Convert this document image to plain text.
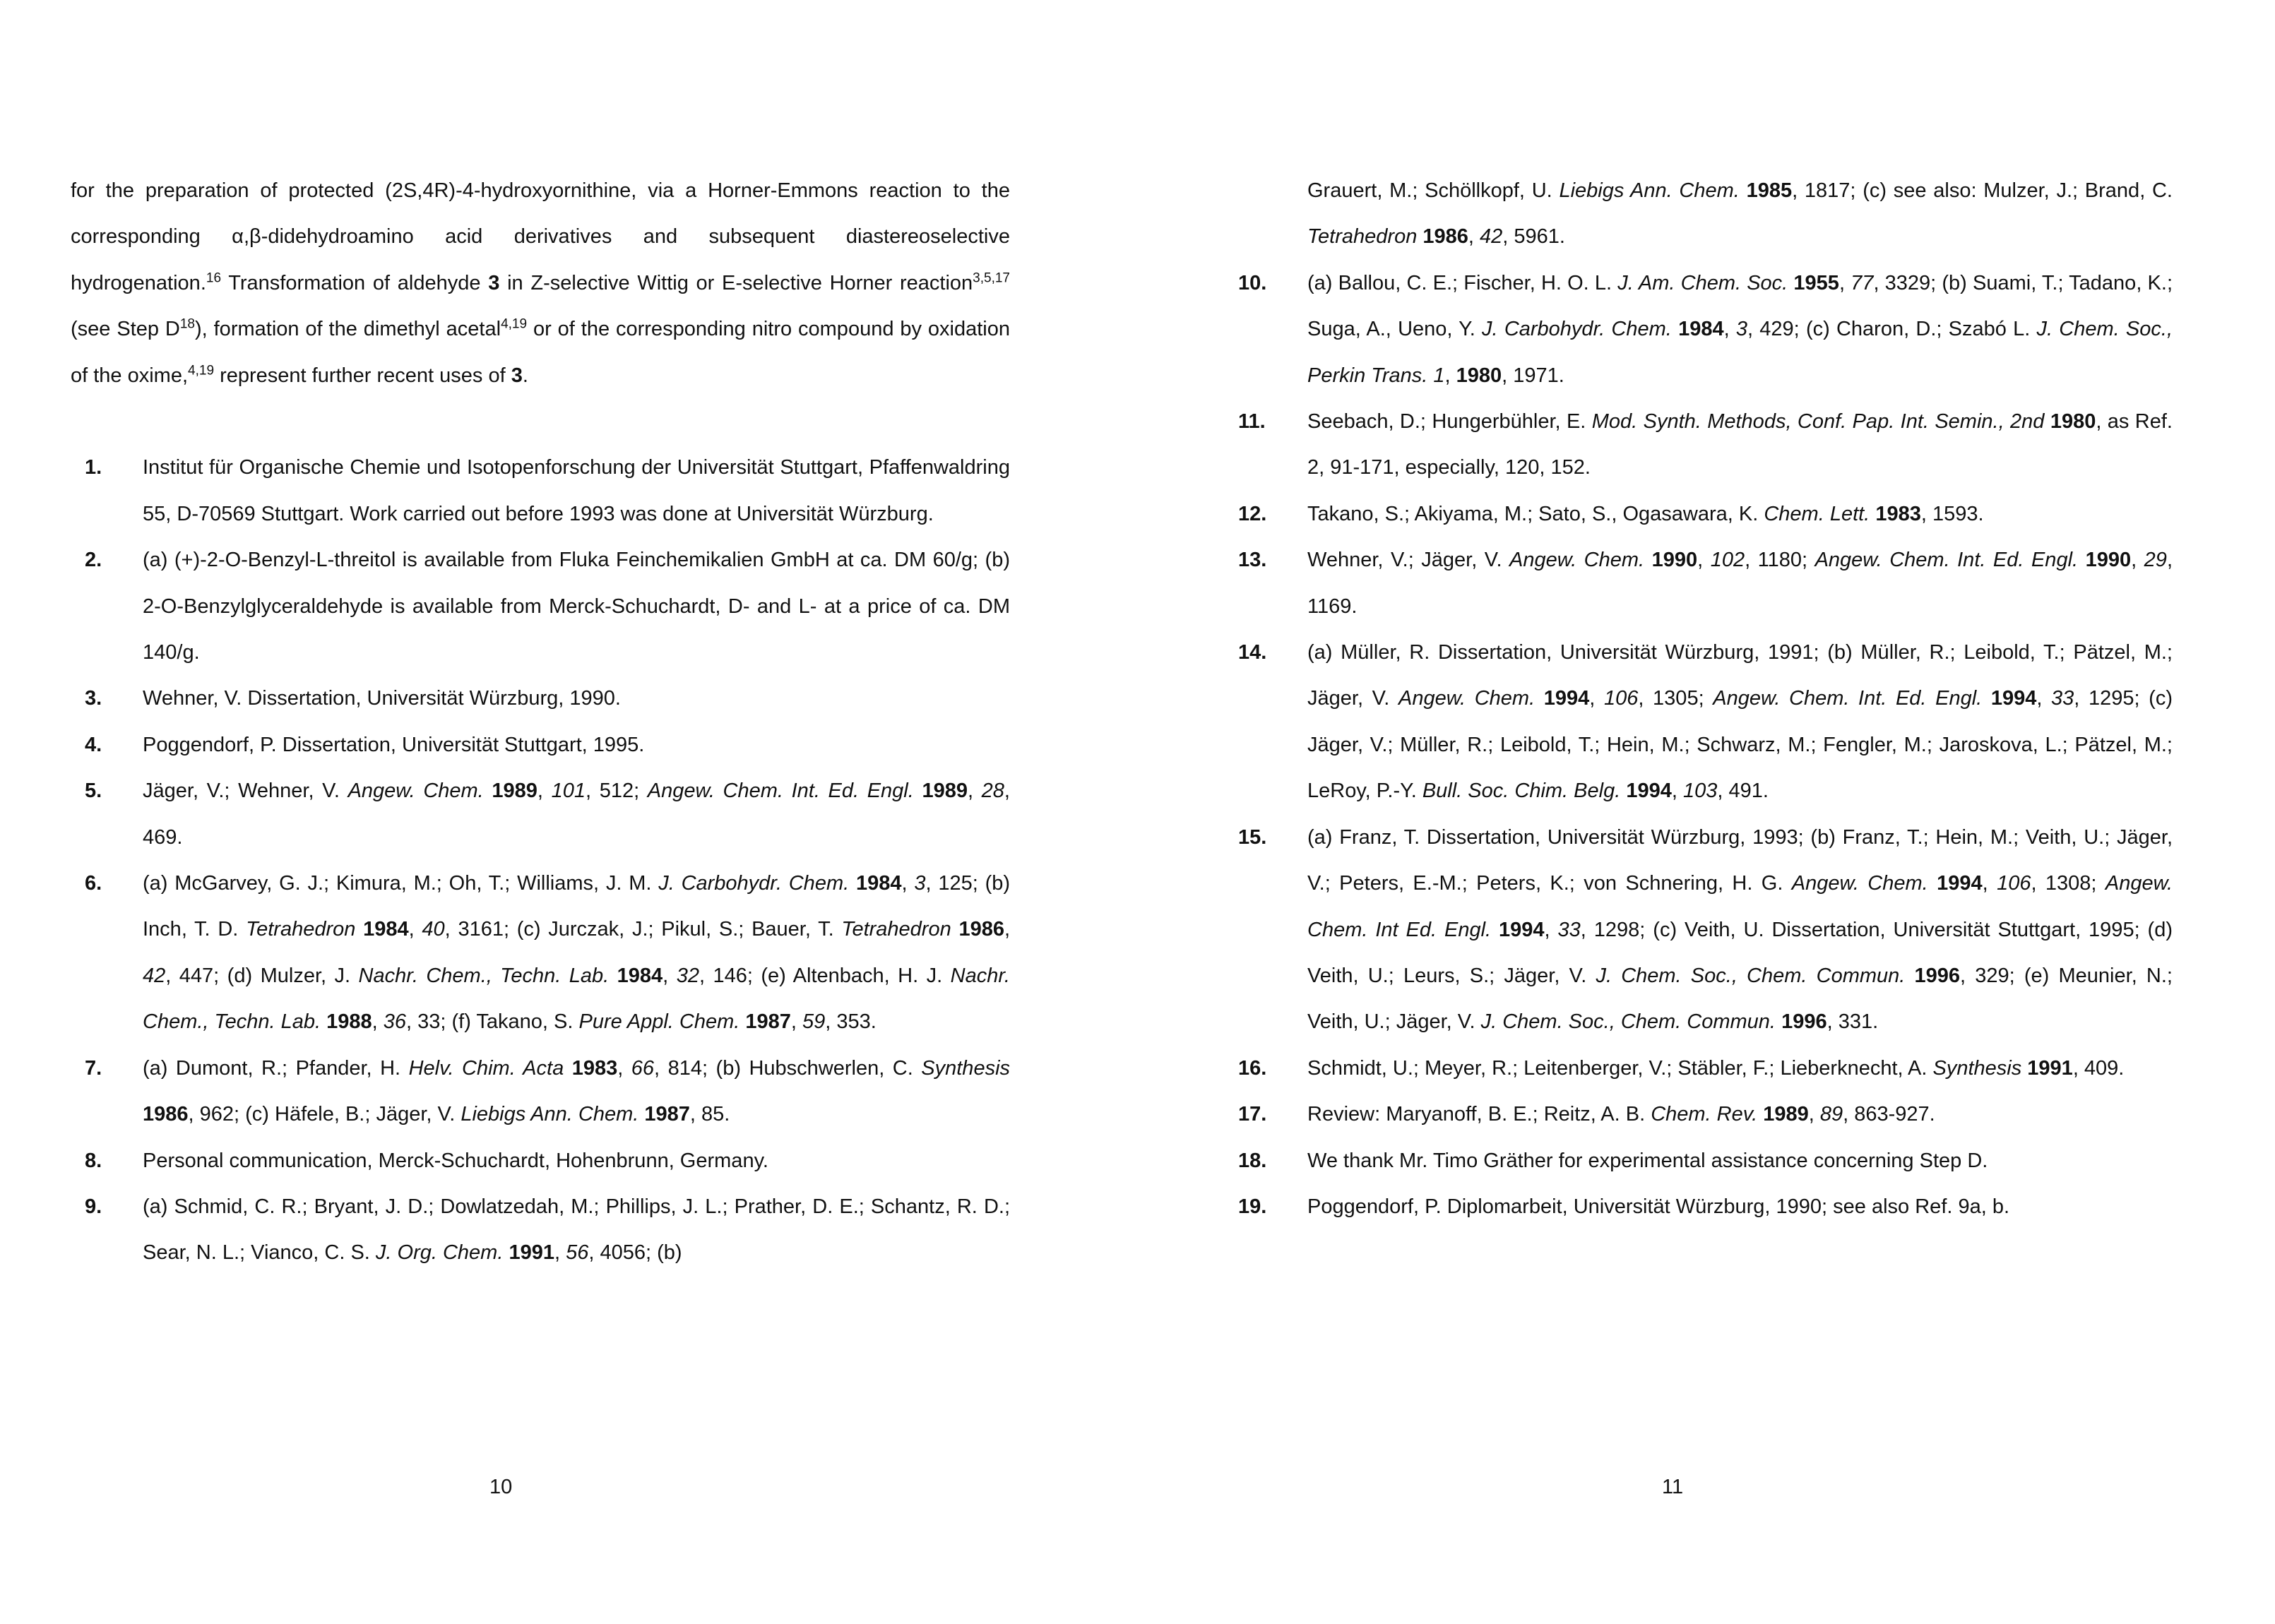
for the preparation of protected (2S,4R)-4-hydroxyornithine, via a Horner-Emmons reaction to the corresponding α,β-didehydroamino acid derivatives and subsequent diastereoselective hydrogenation.$^{16}$ Transformation of aldehyde 3 in Z-selective Wittig or E-selective Horner reaction$^{3,5,17}$ (see Step $D^{18}$), formation of the dimethyl acetal$^{4,19}$ or of the corresponding nitro compound by oxidation of the oxime,$^{4,19}$ represent further recent uses of 3.
1.	Institut für Organische Chemie und Isotopenforschung der Universität Stuttgart, Pfaffenwaldring 55, D-70569 Stuttgart. Work carried out before 1993 was done at Universität Würzburg.
2.	(a) (+)-2-O-Benzyl-L-threitol is available from Fluka Feinchemikalien GmbH at ca. DM 60/g; (b) 2-O-Benzylglyceraldehyde is available from Merck-Schuchardt, D- and L- at a price of ca. DM 140/g.
3.	Wehner, V. Dissertation, Universität Würzburg, 1990.
4.	Poggendorf, P. Dissertation, Universität Stuttgart, 1995.
5.	Jäger, V.; Wehner, V. Angew. Chem. 1989, 101, 512; Angew. Chem. Int. Ed. Engl. 1989, 28, 469.
6.	(a) McGarvey, G. J.; Kimura, M.; Oh, T.; Williams, J. M. J. Carbohydr. Chem. 1984, 3, 125; (b) Inch, T. D. Tetrahedron 1984, 40, 3161; (c) Jurczak, J.; Pikul, S.; Bauer, T. Tetrahedron 1986, 42, 447; (d) Mulzer, J. Nachr. Chem., Techn. Lab. 1984, 32, 146; (e) Altenbach, H. J. Nachr. Chem., Techn. Lab. 1988, 36, 33; (f) Takano, S. Pure Appl. Chem. 1987, 59, 353.
7.	(a) Dumont, R.; Pfander, H. Helv. Chim. Acta 1983, 66, 814; (b) Hubschwerlen, C. Synthesis 1986, 962; (c) Häfele, B.; Jäger, V. Liebigs Ann. Chem. 1987, 85.
8.	Personal communication, Merck-Schuchardt, Hohenbrunn, Germany.
9.	(a) Schmid, C. R.; Bryant, J. D.; Dowlatzedah, M.; Phillips, J. L.; Prather, D. E.; Schantz, R. D.; Sear, N. L.; Vianco, C. S. J. Org. Chem. 1991, 56, 4056; (b)
Grauert, M.; Schöllkopf, U. Liebigs Ann. Chem. 1985, 1817; (c) see also: Mulzer, J.; Brand, C. Tetrahedron 1986, 42, 5961.
10.	(a) Ballou, C. E.; Fischer, H. O. L. J. Am. Chem. Soc. 1955, 77, 3329; (b) Suami, T.; Tadano, K.; Suga, A., Ueno, Y. J. Carbohydr. Chem. 1984, 3, 429; (c) Charon, D.; Szabó L. J. Chem. Soc., Perkin Trans. 1, 1980, 1971.
11.	Seebach, D.; Hungerbühler, E. Mod. Synth. Methods, Conf. Pap. Int. Semin., 2nd 1980, as Ref. 2, 91-171, especially, 120, 152.
12.	Takano, S.; Akiyama, M.; Sato, S., Ogasawara, K. Chem. Lett. 1983, 1593.
13.	Wehner, V.; Jäger, V. Angew. Chem. 1990, 102, 1180; Angew. Chem. Int. Ed. Engl. 1990, 29, 1169.
14.	(a) Müller, R. Dissertation, Universität Würzburg, 1991; (b) Müller, R.; Leibold, T.; Pätzel, M.; Jäger, V. Angew. Chem. 1994, 106, 1305; Angew. Chem. Int. Ed. Engl. 1994, 33, 1295; (c) Jäger, V.; Müller, R.; Leibold, T.; Hein, M.; Schwarz, M.; Fengler, M.; Jaroskova, L.; Pätzel, M.; LeRoy, P.-Y. Bull. Soc. Chim. Belg. 1994, 103, 491.
15.	(a) Franz, T. Dissertation, Universität Würzburg, 1993; (b) Franz, T.; Hein, M.; Veith, U.; Jäger, V.; Peters, E.-M.; Peters, K.; von Schnering, H. G. Angew. Chem. 1994, 106, 1308; Angew. Chem. Int Ed. Engl. 1994, 33, 1298; (c) Veith, U. Dissertation, Universität Stuttgart, 1995; (d) Veith, U.; Leurs, S.; Jäger, V. J. Chem. Soc., Chem. Commun. 1996, 329; (e) Meunier, N.; Veith, U.; Jäger, V. J. Chem. Soc., Chem. Commun. 1996, 331.
16.	Schmidt, U.; Meyer, R.; Leitenberger, V.; Stäbler, F.; Lieberknecht, A. Synthesis 1991, 409.
17.	Review: Maryanoff, B. E.; Reitz, A. B. Chem. Rev. 1989, 89, 863-927.
18.	We thank Mr. Timo Gräther for experimental assistance concerning Step D.
19.	Poggendorf, P. Diplomarbeit, Universität Würzburg, 1990; see also Ref. 9a, b.
10	11
